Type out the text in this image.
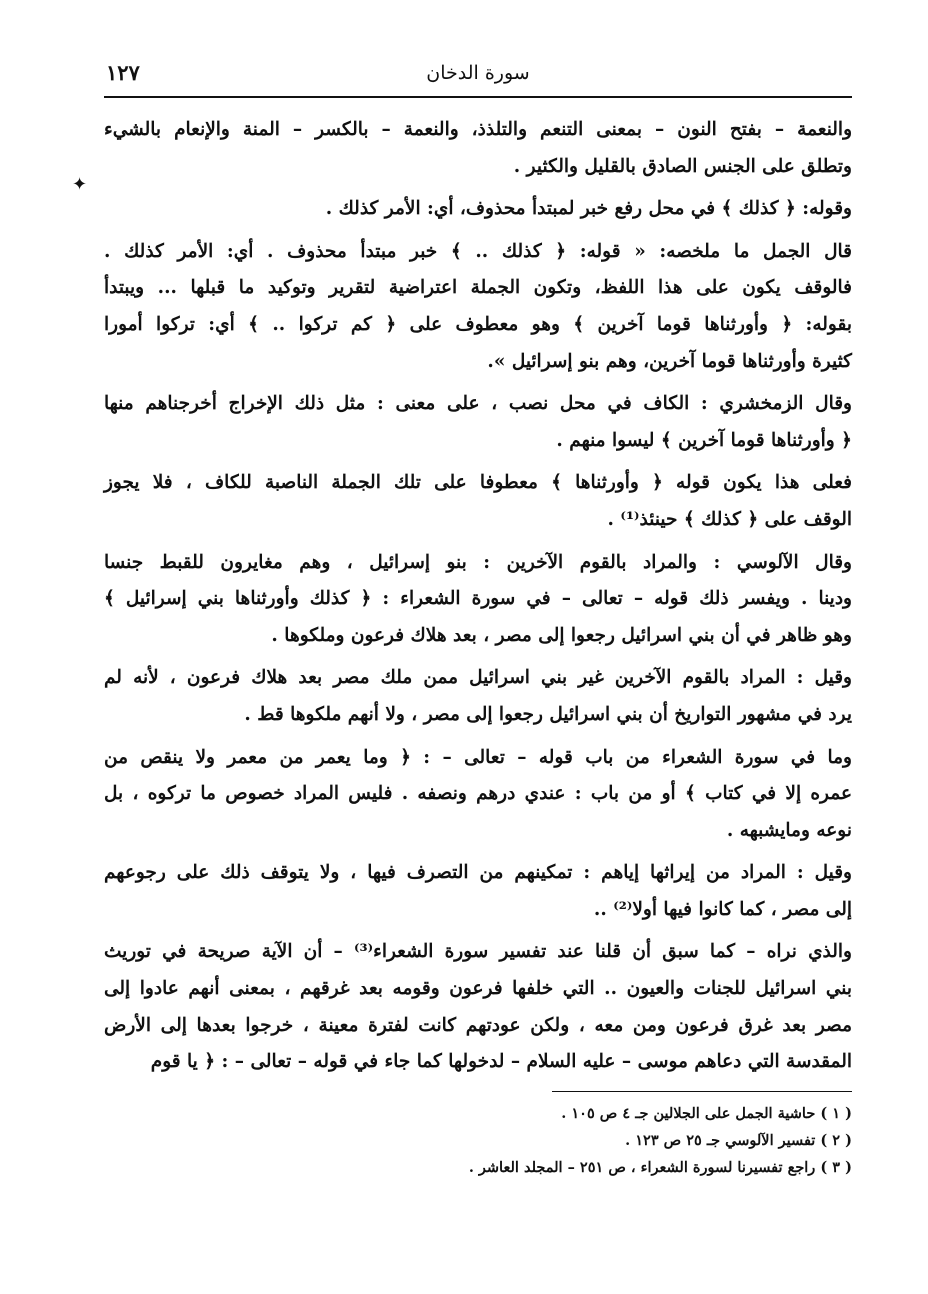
سورة الدخان
١٢٧
والنعمة – بفتح النون – بمعنى التنعم والتلذذ، والنعمة – بالكسر – المنة والإنعام بالشيء
وتطلق على الجنس الصادق بالقليل والكثير .
وقوله: ﴿ كذلك ﴾ في محل رفع خبر لمبتدأ محذوف، أي: الأمر كذلك .
قال الجمل ما ملخصه: « قوله: ﴿ كذلك .. ﴾ خبر مبتدأ محذوف . أي: الأمر كذلك .
فالوقف يكون على هذا اللفظ، وتكون الجملة اعتراضية لتقرير وتوكيد ما قبلها ... ويبتدأ
بقوله: ﴿ وأورثناها قوما آخرين ﴾ وهو معطوف على ﴿ كم تركوا .. ﴾ أي: تركوا أمورا
كثيرة وأورثناها قوما آخرين، وهم بنو إسرائيل ».
وقال الزمخشري : الكاف في محل نصب ، على معنى : مثل ذلك الإخراج أخرجناهم منها
﴿ وأورثناها قوما آخرين ﴾ ليسوا منهم .
فعلى هذا يكون قوله ﴿ وأورثناها ﴾ معطوفا على تلك الجملة الناصبة للكاف ، فلا يجوز
الوقف على ﴿ كذلك ﴾ حينئذ⁽¹⁾ .
وقال الآلوسي : والمراد بالقوم الآخرين : بنو إسرائيل ، وهم مغايرون للقبط جنسا
ودينا . ويفسر ذلك قوله – تعالى – في سورة الشعراء : ﴿ كذلك وأورثناها بني إسرائيل ﴾
وهو ظاهر في أن بني اسرائيل رجعوا إلى مصر ، بعد هلاك فرعون وملكوها .
وقيل : المراد بالقوم الآخرين غير بني اسرائيل ممن ملك مصر بعد هلاك فرعون ، لأنه لم
يرد في مشهور التواريخ أن بني اسرائيل رجعوا إلى مصر ، ولا أنهم ملكوها قط .
وما في سورة الشعراء من باب قوله – تعالى – : ﴿ وما يعمر من معمر ولا ينقص من
عمره إلا في كتاب ﴾ أو من باب : عندي درهم ونصفه . فليس المراد خصوص ما تركوه ، بل
نوعه ومايشبهه .
وقيل : المراد من إيراثها إياهم : تمكينهم من التصرف فيها ، ولا يتوقف ذلك على رجوعهم
إلى مصر ، كما كانوا فيها أولا⁽²⁾ ..
والذي نراه – كما سبق أن قلنا عند تفسير سورة الشعراء⁽³⁾ – أن الآية صريحة في توريث
بني اسرائيل للجنات والعيون .. التي خلفها فرعون وقومه بعد غرقهم ، بمعنى أنهم عادوا إلى
مصر بعد غرق فرعون ومن معه ، ولكن عودتهم كانت لفترة معينة ، خرجوا بعدها إلى الأرض
المقدسة التي دعاهم موسى – عليه السلام – لدخولها كما جاء في قوله – تعالى – : ﴿ يا قوم
( ١ ) حاشية الجمل على الجلالين جـ ٤ ص ١٠٥ .
( ٢ ) تفسير الآلوسي جـ ٢٥ ص ١٢٣ .
( ٣ ) راجع تفسيرنا لسورة الشعراء ، ص ٢٥١ – المجلد العاشر .
✦
